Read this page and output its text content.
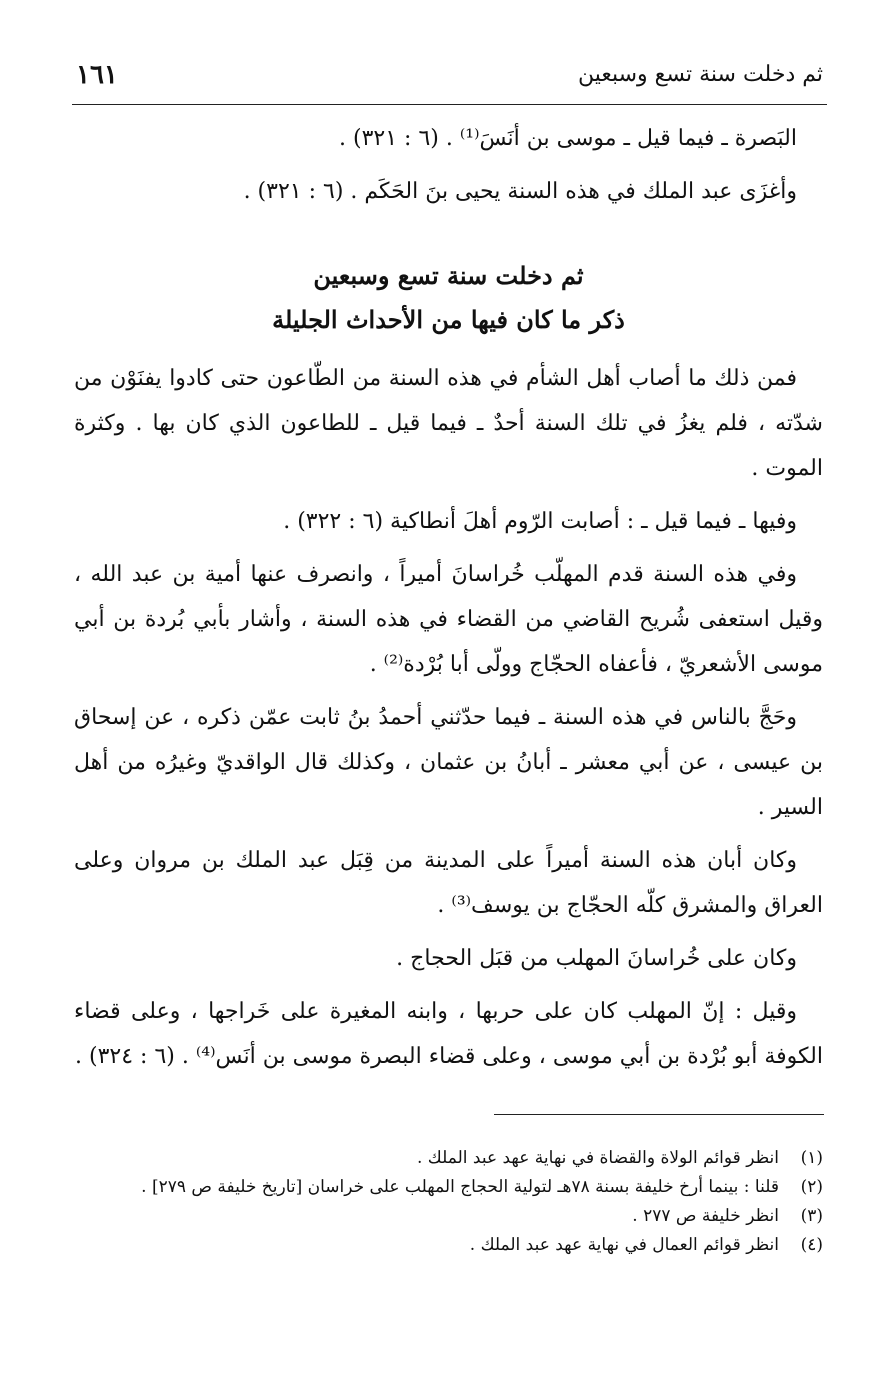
ثم دخلت سنة تسع وسبعين
١٦١

البَصرة ـ فيما قيل ـ موسى بن أنَسَ⁽¹⁾ . (٦ : ٣٢١) .

وأغزَى عبد الملك في هذه السنة يحيى بنَ الحَكَم . (٦ : ٣٢١) .

ثم دخلت سنة تسع وسبعين
ذكر ما كان فيها من الأحداث الجليلة

فمن ذلك ما أصاب أهل الشأم في هذه السنة من الطّاعون حتى كادوا يفنَوْن من شدّته ، فلم يغزُ في تلك السنة أحدٌ ـ فيما قيل ـ للطاعون الذي كان بها . وكثرة الموت .

وفيها ـ فيما قيل ـ : أصابت الرّوم أهلَ أنطاكية (٦ : ٣٢٢) .

وفي هذه السنة قدم المهلّب خُراسانَ أميراً ، وانصرف عنها أمية بن عبد الله ، وقيل استعفى شُريح القاضي من القضاء في هذه السنة ، وأشار بأبي بُردة بن أبي موسى الأشعريّ ، فأعفاه الحجّاج وولّى أبا بُرْدة⁽²⁾ .

وحَجَّ بالناس في هذه السنة ـ فيما حدّثني أحمدُ بنُ ثابت عمّن ذكره ، عن إسحاق بن عيسى ، عن أبي معشر ـ أبانُ بن عثمان ، وكذلك قال الواقديّ وغيرُه من أهل السير .

وكان أبان هذه السنة أميراً على المدينة من قِبَل عبد الملك بن مروان وعلى العراق والمشرق كلّه الحجّاج بن يوسف⁽³⁾ .

وكان على خُراسانَ المهلب من قبَل الحجاج .

وقيل : إنّ المهلب كان على حربها ، وابنه المغيرة على خَراجها ، وعلى قضاء الكوفة أبو بُرْدة بن أبي موسى ، وعلى قضاء البصرة موسى بن أنَس⁽⁴⁾ . (٦ : ٣٢٤) .

(١)
انظر قوائم الولاة والقضاة في نهاية عهد عبد الملك .
(٢)
قلنا : بينما أرخ خليفة بسنة ٧٨هـ لتولية الحجاج المهلب على خراسان [تاريخ خليفة ص ٢٧٩] .
(٣)
انظر خليفة ص ٢٧٧ .
(٤)
انظر قوائم العمال في نهاية عهد عبد الملك .
